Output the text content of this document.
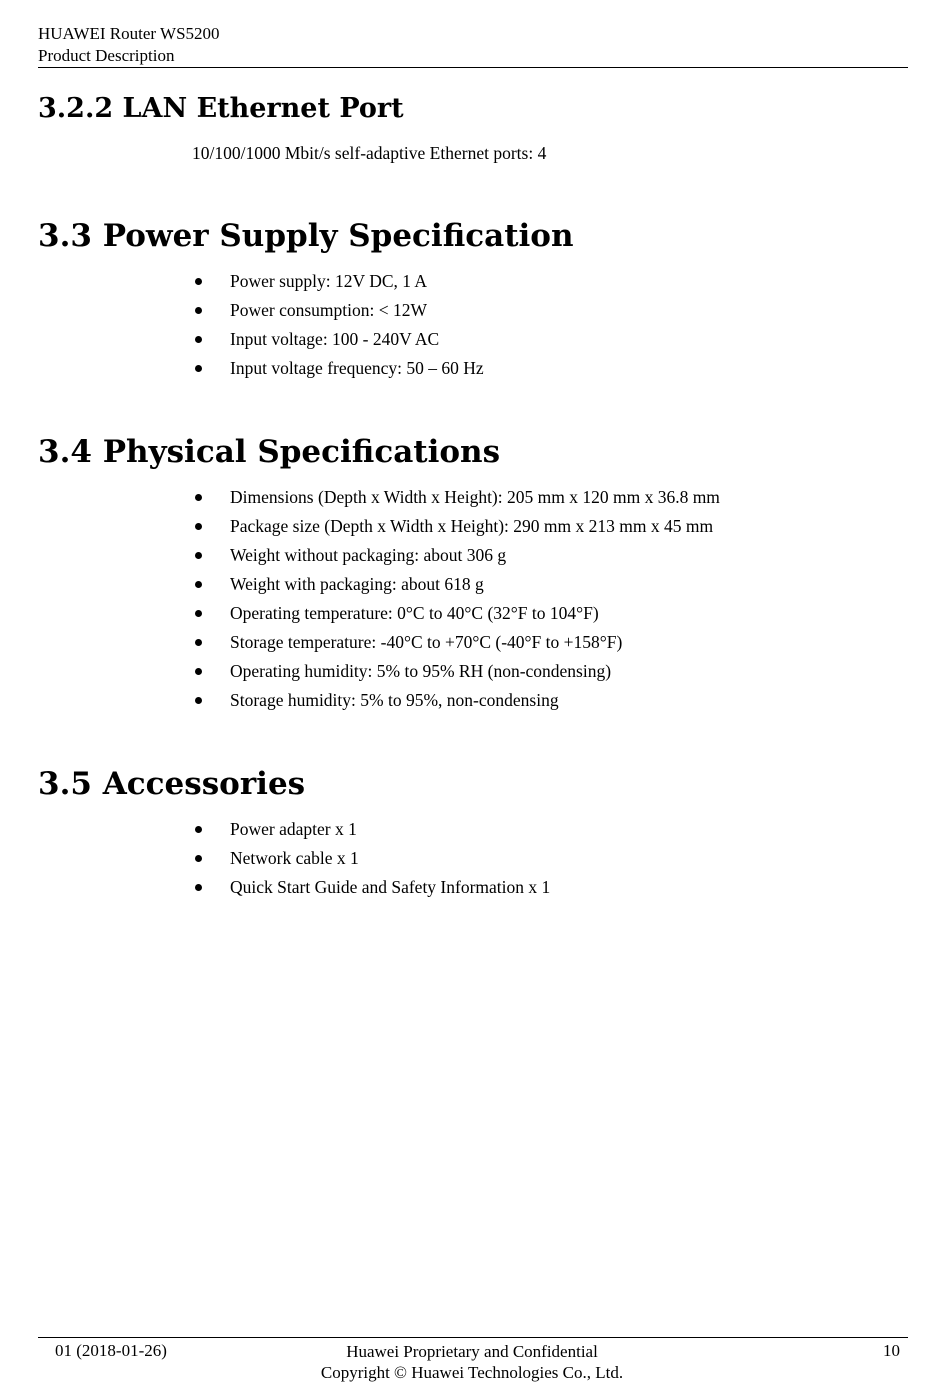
HUAWEI Router WS5200
Product Description
3.2.2 LAN Ethernet Port
10/100/1000 Mbit/s self-adaptive Ethernet ports: 4
3.3 Power Supply Specification
Power supply: 12V DC, 1 A
Power consumption: < 12W
Input voltage: 100 - 240V AC
Input voltage frequency: 50 – 60 Hz
3.4 Physical Specifications
Dimensions (Depth x Width x Height): 205 mm x 120 mm x 36.8 mm
Package size (Depth x Width x Height): 290 mm x 213 mm x 45 mm
Weight without packaging: about 306 g
Weight with packaging: about 618 g
Operating temperature: 0°C to 40°C (32°F to 104°F)
Storage temperature: -40°C to +70°C (-40°F to +158°F)
Operating humidity: 5% to 95% RH (non-condensing)
Storage humidity: 5% to 95%, non-condensing
3.5 Accessories
Power adapter x 1
Network cable x 1
Quick Start Guide and Safety Information x 1
01 (2018-01-26)	Huawei Proprietary and Confidential
Copyright © Huawei Technologies Co., Ltd.
10
